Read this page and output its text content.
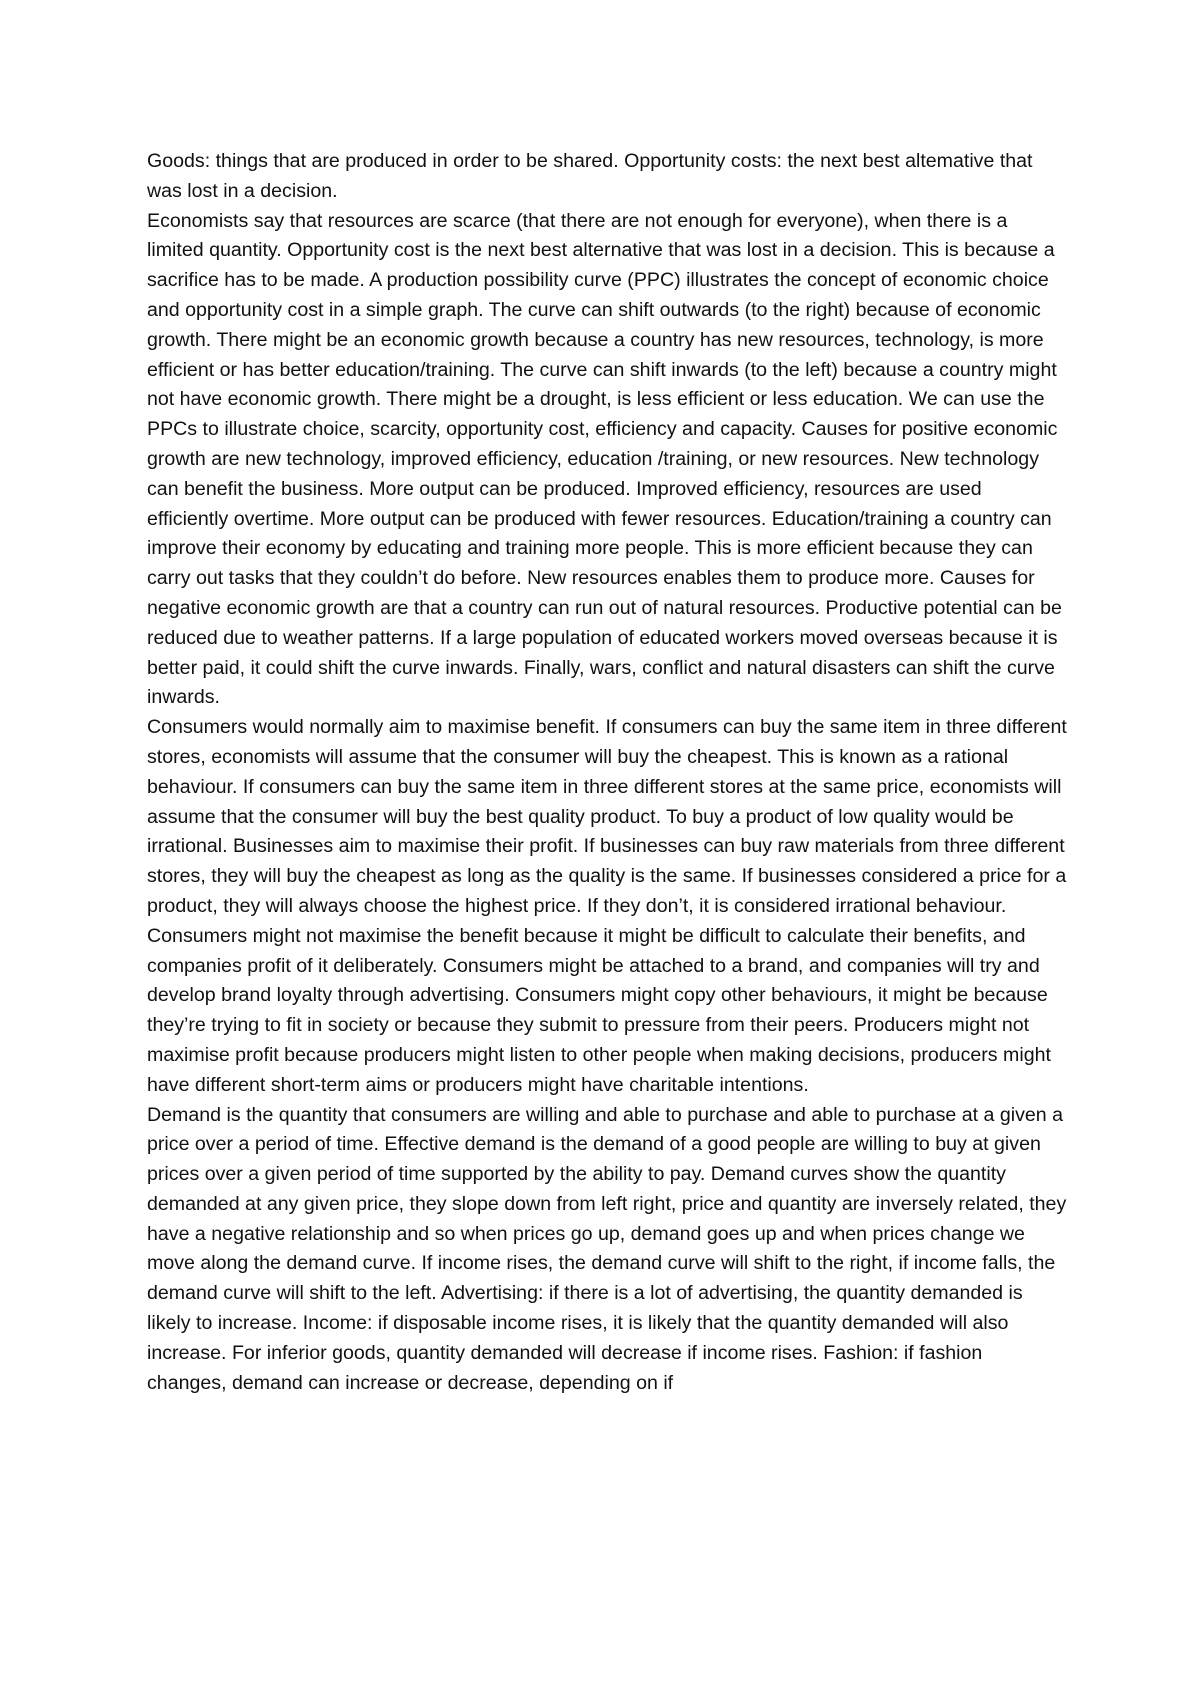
Goods: things that are produced in order to be shared. Opportunity costs: the next best altemative that was lost in a decision.

Economists say that resources are scarce (that there are not enough for everyone), when there is a limited quantity. Opportunity cost is the next best alternative that was lost in a decision. This is because a sacrifice has to be made. A production possibility curve (PPC) illustrates the concept of economic choice and opportunity cost in a simple graph. The curve can shift outwards (to the right) because of economic growth. There might be an economic growth because a country has new resources, technology, is more efficient or has better education/training. The curve can shift inwards (to the left) because a country might not have economic growth. There might be a drought, is less efficient or less education. We can use the PPCs to illustrate choice, scarcity, opportunity cost, efficiency and capacity. Causes for positive economic growth are new technology, improved efficiency, education /training, or new resources. New technology can benefit the business. More output can be produced. Improved efficiency, resources are used efficiently overtime. More output can be produced with fewer resources. Education/training a country can improve their economy by educating and training more people. This is more efficient because they can carry out tasks that they couldn’t do before. New resources enables them to produce more. Causes for negative economic growth are that a country can run out of natural resources. Productive potential can be reduced due to weather patterns. If a large population of educated workers moved overseas because it is better paid, it could shift the curve inwards. Finally, wars, conflict and natural disasters can shift the curve inwards.

Consumers would normally aim to maximise benefit. If consumers can buy the same item in three different stores, economists will assume that the consumer will buy the cheapest. This is known as a rational behaviour. If consumers can buy the same item in three different stores at the same price, economists will assume that the consumer will buy the best quality product. To buy a product of low quality would be irrational. Businesses aim to maximise their profit. If businesses can buy raw materials from three different stores, they will buy the cheapest as long as the quality is the same. If businesses considered a price for a product, they will always choose the highest price. If they don’t, it is considered irrational behaviour. Consumers might not maximise the benefit because it might be difficult to calculate their benefits, and companies profit of it deliberately. Consumers might be attached to a brand, and companies will try and develop brand loyalty through advertising. Consumers might copy other behaviours, it might be because they’re trying to fit in society or because they submit to pressure from their peers. Producers might not maximise profit because producers might listen to other people when making decisions, producers might have different short-term aims or producers might have charitable intentions.

Demand is the quantity that consumers are willing and able to purchase and able to purchase at a given a price over a period of time. Effective demand is the demand of a good people are willing to buy at given prices over a given period of time supported by the ability to pay. Demand curves show the quantity demanded at any given price, they slope down from left right, price and quantity are inversely related, they have a negative relationship and so when prices go up, demand goes up and when prices change we move along the demand curve. If income rises, the demand curve will shift to the right, if income falls, the demand curve will shift to the left. Advertising: if there is a lot of advertising, the quantity demanded is likely to increase. Income: if disposable income rises, it is likely that the quantity demanded will also increase. For inferior goods, quantity demanded will decrease if income rises. Fashion: if fashion changes, demand can increase or decrease, depending on if
